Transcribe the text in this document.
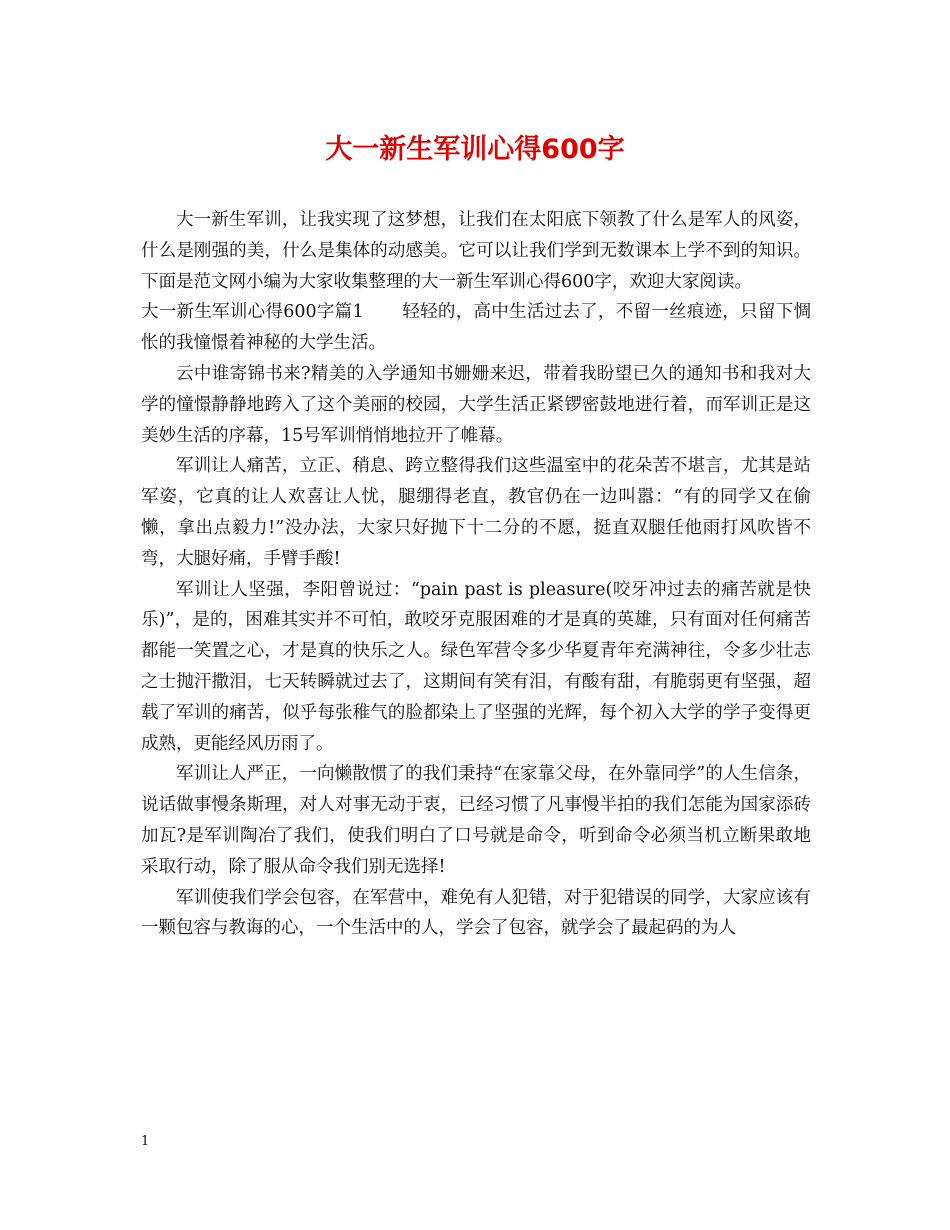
大一新生军训心得600字

大一新生军训，让我实现了这梦想，让我们在太阳底下领教了什么是军人的风姿，什么是刚强的美，什么是集体的动感美。它可以让我们学到无数课本上学不到的知识。下面是范文网小编为大家收集整理的大一新生军训心得600字，欢迎大家阅读。

大一新生军训心得600字篇1 轻轻的，高中生活过去了，不留一丝痕迹，只留下惆怅的我憧憬着神秘的大学生活。

云中谁寄锦书来?精美的入学通知书姗姗来迟，带着我盼望已久的通知书和我对大学的憧憬静静地跨入了这个美丽的校园，大学生活正紧锣密鼓地进行着，而军训正是这美妙生活的序幕，15号军训悄悄地拉开了帷幕。

军训让人痛苦，立正、稍息、跨立整得我们这些温室中的花朵苦不堪言，尤其是站军姿，它真的让人欢喜让人忧，腿绷得老直，教官仍在一边叫嚣：“有的同学又在偷懒，拿出点毅力!”没办法，大家只好抛下十二分的不愿，挺直双腿任他雨打风吹皆不弯，大腿好痛，手臂手酸!

军训让人坚强，李阳曾说过：“pain past is pleasure(咬牙冲过去的痛苦就是快乐)”，是的，困难其实并不可怕，敢咬牙克服困难的才是真的英雄，只有面对任何痛苦都能一笑置之心，才是真的快乐之人。绿色军营令多少华夏青年充满神往，令多少壮志之士抛汗撒泪，七天转瞬就过去了，这期间有笑有泪，有酸有甜，有脆弱更有坚强，超载了军训的痛苦，似乎每张稚气的脸都染上了坚强的光辉，每个初入大学的学子变得更成熟，更能经风历雨了。

军训让人严正，一向懒散惯了的我们秉持“在家靠父母，在外靠同学”的人生信条，说话做事慢条斯理，对人对事无动于衷，已经习惯了凡事慢半拍的我们怎能为国家添砖加瓦?是军训陶冶了我们，使我们明白了口号就是命令，听到命令必须当机立断果敢地采取行动，除了服从命令我们别无选择!

军训使我们学会包容，在军营中，难免有人犯错，对于犯错误的同学，大家应该有一颗包容与教诲的心，一个生活中的人，学会了包容，就学会了最起码的为人

1
